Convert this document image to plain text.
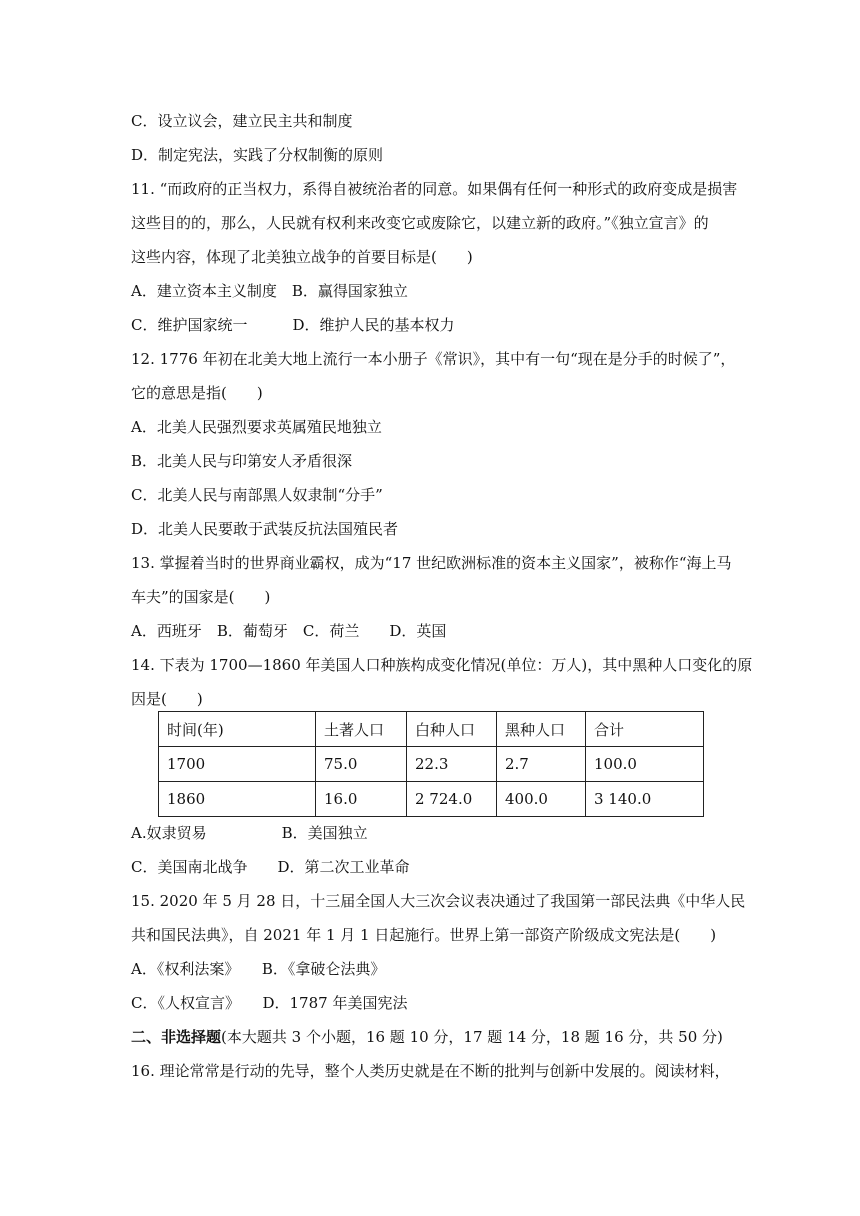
C．设立议会，建立民主共和制度
D．制定宪法，实践了分权制衡的原则
11. “而政府的正当权力，系得自被统治者的同意。如果偶有任何一种形式的政府变成是损害
这些目的的，那么，人民就有权利来改变它或废除它，以建立新的政府。”《独立宣言》的
这些内容，体现了北美独立战争的首要目标是(　　)
A．建立资本主义制度　B．赢得国家独立
C．维护国家统一　　　D．维护人民的基本权力
12. 1776 年初在北美大地上流行一本小册子《常识》，其中有一句“现在是分手的时候了”，
它的意思是指(　　)
A．北美人民强烈要求英属殖民地独立
B．北美人民与印第安人矛盾很深
C．北美人民与南部黑人奴隶制“分手”
D．北美人民要敢于武装反抗法国殖民者
13. 掌握着当时的世界商业霸权，成为“17 世纪欧洲标准的资本主义国家”，被称作“海上马
车夫”的国家是(　　)
A．西班牙　B．葡萄牙　C．荷兰　　D．英国
14. 下表为 1700—1860 年美国人口种族构成变化情况(单位：万人)，其中黑种人口变化的原
因是(　　)
时间(年)	土著人口	白种人口	黑种人口	合计
1700	75.0	22.3	2.7	100.0
1860	16.0	2 724.0	400.0	3 140.0
A.奴隶贸易　　　　　B．美国独立
C．美国南北战争　　D．第二次工业革命
15. 2020 年 5 月 28 日，十三届全国人大三次会议表决通过了我国第一部民法典《中华人民
共和国民法典》，自 2021 年 1 月 1 日起施行。世界上第一部资产阶级成文宪法是(　　)
A．《权利法案》　　B．《拿破仑法典》
C．《人权宣言》　　D．1787 年美国宪法
二、非选择题(本大题共 3 个小题，16 题 10 分，17 题 14 分，18 题 16 分，共 50 分)
16. 理论常常是行动的先导，整个人类历史就是在不断的批判与创新中发展的。阅读材料，
